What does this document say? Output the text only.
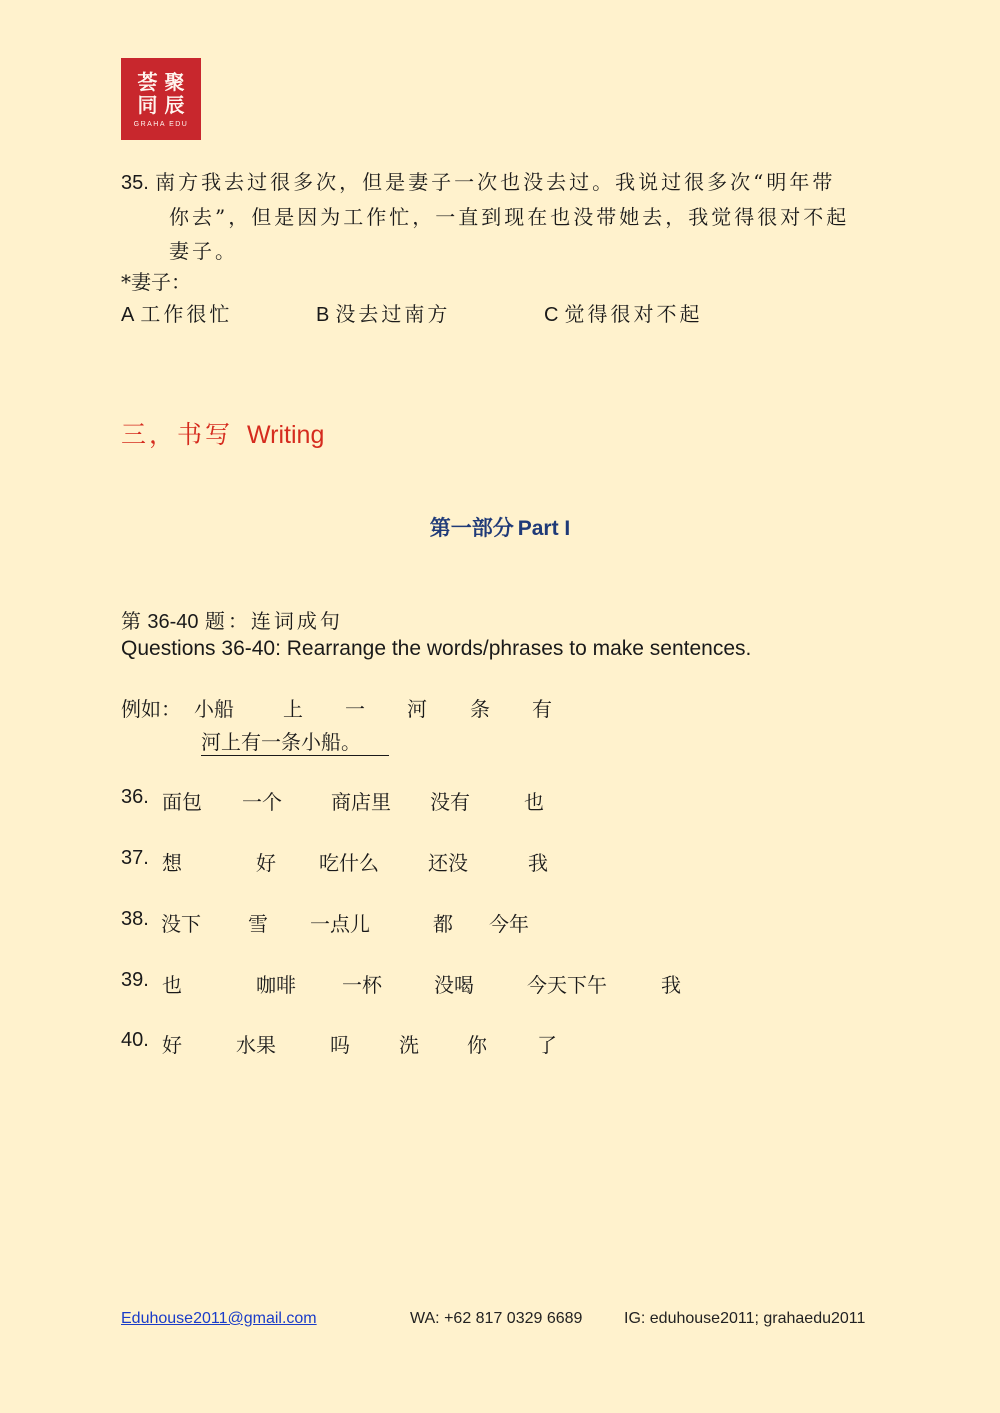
荟 聚
同 辰
GRAHA EDU
35. 南方我去过很多次，但是妻子一次也没去过。我说过很多次“明年带
你去”，但是因为工作忙，一直到现在也没带她去，我觉得很对不起
妻子。
*妻子：
A 工作很忙	B 没去过南方	C 觉得很对不起
三，书写 Writing
第一部分 Part I
第 36-40 题：连词成句
Questions 36-40: Rearrange the words/phrases to make sentences.
例如： 小船 上 一 河 条 有
河上有一条小船。
36. 面包 一个 商店里 没有	也
37. 想	好 吃什么 还没	我
38. 没下 雪 一点儿	都 今年
39. 也	咖啡 一杯	没喝	今天下午	我
40. 好	水果	吗 洗 你	了
Eduhouse2011@gmail.com	WA: +62 817 0329 6689	IG: eduhouse2011; grahaedu2011
